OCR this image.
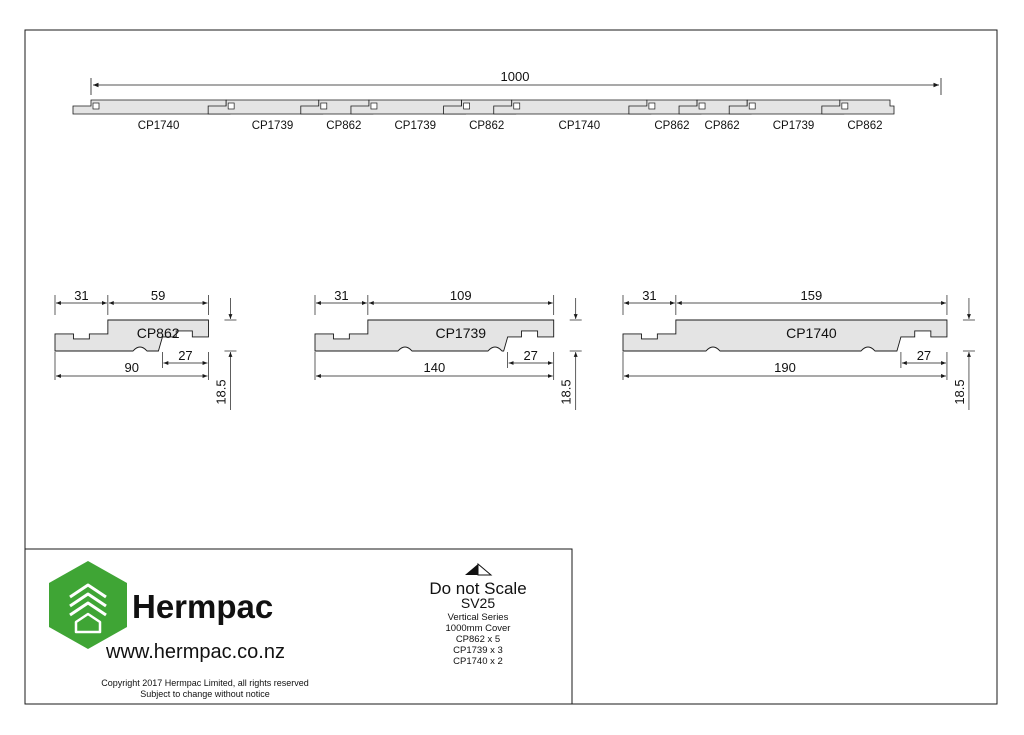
1000
CP1740	CP1739	CP862	CP1739	CP862	CP1740	CP862 CP862	CP1739	CP862
CP862
31	59
27
90
18.5
CP1739
31	109
27
140
18.5
CP1740
31	159
27
190
18.5
Hermpac
www.hermpac.co.nz
Copyright 2017 Hermpac Limited, all rights reserved
Subject to change without notice
Do not Scale
SV25
Vertical Series
1000mm Cover
CP862 x 5
CP1739 x 3
CP1740 x 2
